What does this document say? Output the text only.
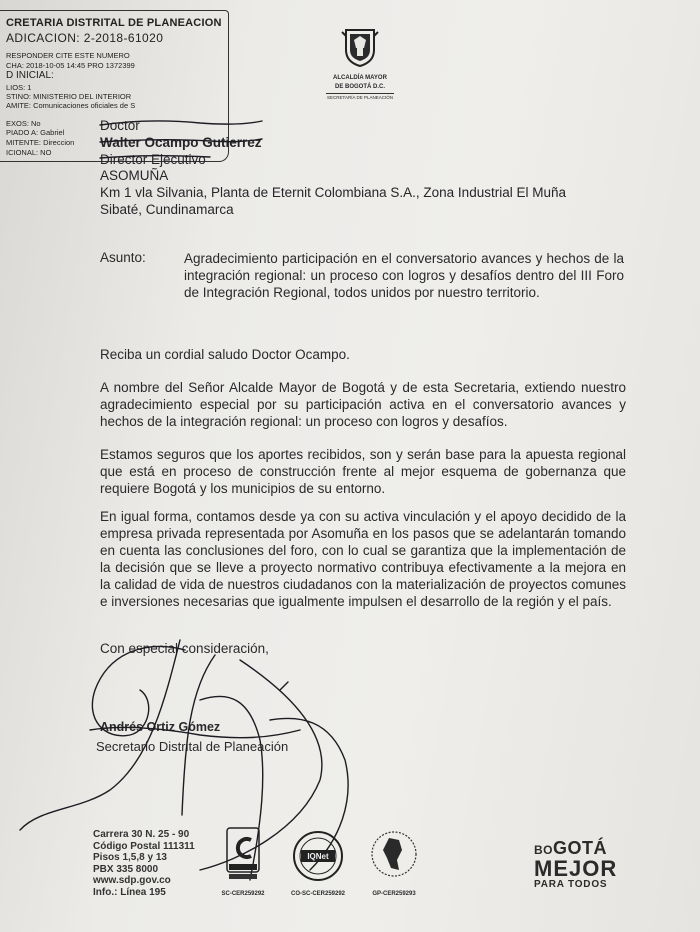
CRETARIA DISTRITAL DE PLANEACION
ADICACION: 2-2018-61020
RESPONDER CITE ESTE NUMERO
CHA: 2018-10-05 14:45 PRO 1372399
D INICIAL:
LIOS: 1
STINO: MINISTERIO DEL INTERIOR
AMITE: Comunicaciones oficiales de S
EXOS: No
PIADO A: Gabriel
MITENTE: Direccion
ICIONAL: NO
ALCALDÍA MAYOR
DE BOGOTÁ D.C.
SECRETARÍA DE PLANEACIÓN
Doctor
Walter Ocampo Gutierrez
Director Ejecutivo
ASOMUÑA
Km 1 vla Silvania, Planta de Eternit Colombiana S.A., Zona Industrial El Muña
Sibaté, Cundinamarca
Asunto:	Agradecimiento participación en el conversatorio avances y hechos de la integración regional: un proceso con logros y desafíos dentro del III Foro de Integración Regional, todos unidos por nuestro territorio.
Reciba un cordial saludo Doctor Ocampo.
A nombre del Señor Alcalde Mayor de Bogotá y de esta Secretaria, extiendo nuestro agradecimiento especial por su participación activa en el conversatorio avances y hechos de la integración regional: un proceso con logros y desafíos.
Estamos seguros que los aportes recibidos, son y serán base para la apuesta regional que está en proceso de construcción frente al mejor esquema de gobernanza que requiere Bogotá y los municipios de su entorno.
En igual forma, contamos desde ya con su activa vinculación y el apoyo decidido de la empresa privada representada por Asomuña en los pasos que se adelantarán tomando en cuenta las conclusiones del foro, con lo cual se garantiza que la implementación de la decisión que se lleve a proyecto normativo contribuya efectivamente a la mejora en la calidad de vida de nuestros ciudadanos con la materialización de proyectos comunes e inversiones necesarias que igualmente impulsen el desarrollo de la región y el país.
Con especial consideración,
Andrés Ortiz Gómez
Secretario Distrital de Planeación
Carrera 30 N. 25 - 90
Código Postal 111311
Pisos 1,5,8 y 13
PBX 335 8000
www.sdp.gov.co
Info.: Línea 195	SC-CER259292
IQNet
CO-SC-CER259292	GP-CER259293
BOGOTÁ
MEJOR
PARA TODOS
